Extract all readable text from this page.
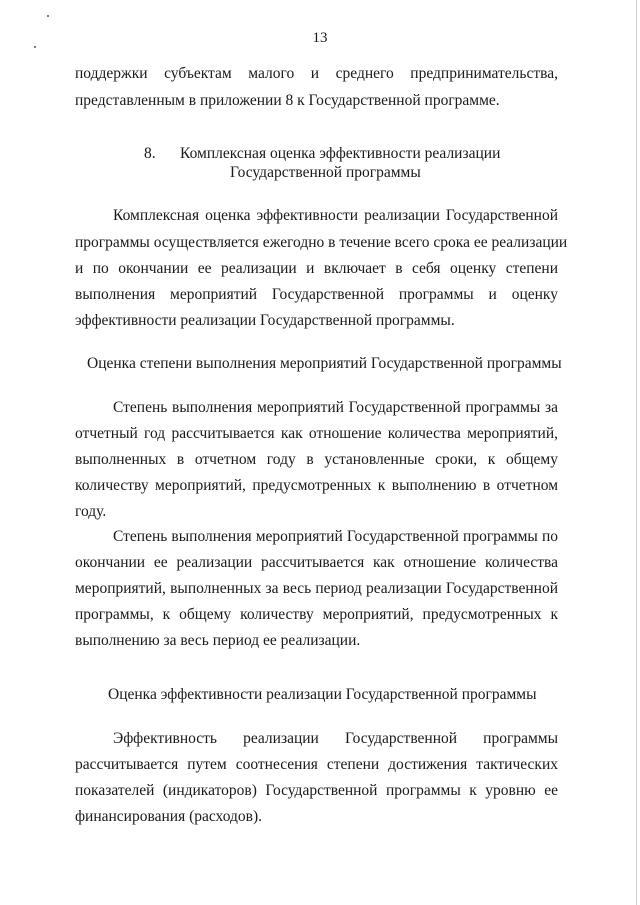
13
поддержки субъектам малого и среднего предпринимательства,
представленным в приложении 8 к Государственной программе.
8. Комплексная оценка эффективности реализации
Государственной программы
Комплексная оценка эффективности реализации Государственной
программы осуществляется ежегодно в течение всего срока ее реализации
и по окончании ее реализации и включает в себя оценку степени
выполнения мероприятий Государственной программы и оценку
эффективности реализации Государственной программы.
Оценка степени выполнения мероприятий Государственной программы
Степень выполнения мероприятий Государственной программы за
отчетный год рассчитывается как отношение количества мероприятий,
выполненных в отчетном году в установленные сроки, к общему
количеству мероприятий, предусмотренных к выполнению в отчетном
году.
Степень выполнения мероприятий Государственной программы по
окончании ее реализации рассчитывается как отношение количества
мероприятий, выполненных за весь период реализации Государственной
программы, к общему количеству мероприятий, предусмотренных к
выполнению за весь период ее реализации.
Оценка эффективности реализации Государственной программы
Эффективность реализации Государственной программы
рассчитывается путем соотнесения степени достижения тактических
показателей (индикаторов) Государственной программы к уровню ее
финансирования (расходов).
